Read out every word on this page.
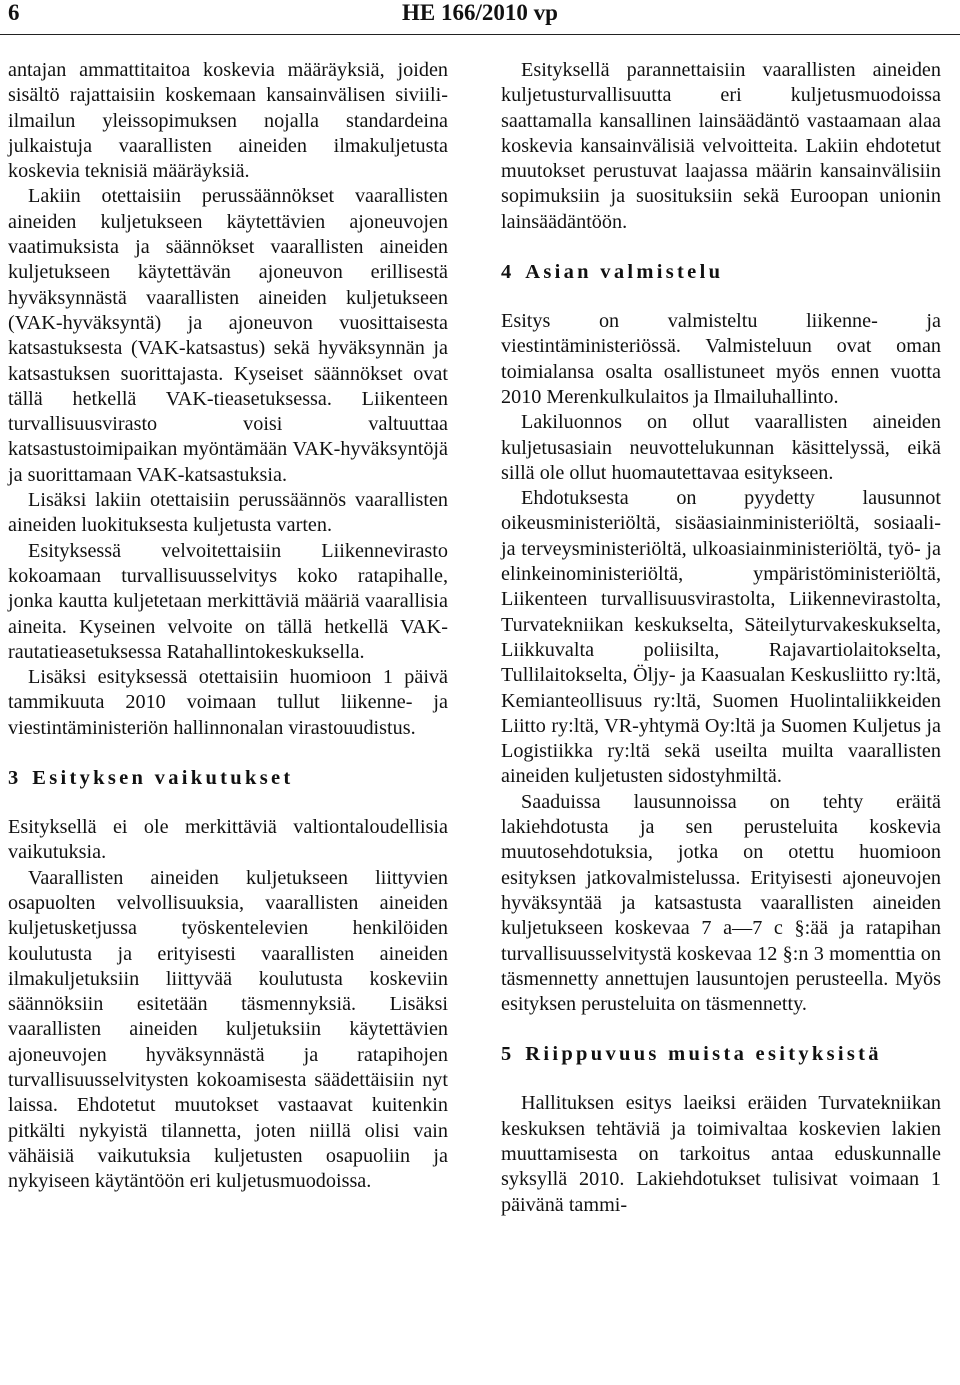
6	HE 166/2010 vp

antajan ammattitaitoa koskevia määräyksiä, joiden sisältö rajattaisiin koskemaan kansainvälisen siviili-ilmailun yleissopimuksen nojalla standardeina julkaistuja vaarallisten aineiden ilmakuljetusta koskevia teknisiä määräyksiä.

Lakiin otettaisiin perussäännökset vaarallisten aineiden kuljetukseen käytettävien ajoneuvojen vaatimuksista ja säännökset vaarallisten aineiden kuljetukseen käytettävän ajoneuvon erillisestä hyväksynnästä vaarallisten aineiden kuljetukseen (VAK-hyväksyntä) ja ajoneuvon vuosittaisesta katsastuksesta (VAK-katsastus) sekä hyväksynnän ja katsastuksen suorittajasta. Kyseiset säännökset ovat tällä hetkellä VAK-tieasetuksessa. Liikenteen turvallisuusvirasto voisi valtuuttaa katsastustoimipaikan myöntämään VAK-hyväksyntöjä ja suorittamaan VAK-katsastuksia.

Lisäksi lakiin otettaisiin perussäännös vaarallisten aineiden luokituksesta kuljetusta varten.

Esityksessä velvoitettaisiin Liikennevirasto kokoamaan turvallisuusselvitys koko ratapihalle, jonka kautta kuljetetaan merkittäviä määriä vaarallisia aineita. Kyseinen velvoite on tällä hetkellä VAK-rautatieasetuksessa Ratahallintokeskuksella.

Lisäksi esityksessä otettaisiin huomioon 1 päivä tammikuuta 2010 voimaan tullut liikenne- ja viestintäministeriön hallinnonalan virastouudistus.

3 Esityksen vaikutukset

Esityksellä ei ole merkittäviä valtiontaloudellisia vaikutuksia.

Vaarallisten aineiden kuljetukseen liittyvien osapuolten velvollisuuksia, vaarallisten aineiden kuljetusketjussa työskentelevien henkilöiden koulutusta ja erityisesti vaarallisten aineiden ilmakuljetuksiin liittyvää koulutusta koskeviin säännöksiin esitetään täsmennyksiä. Lisäksi vaarallisten aineiden kuljetuksiin käytettävien ajoneuvojen hyväksynnästä ja ratapihojen turvallisuusselvitysten kokoamisesta säädettäisiin nyt laissa. Ehdotetut muutokset vastaavat kuitenkin pitkälti nykyistä tilannetta, joten niillä olisi vain vähäisiä vaikutuksia kuljetusten osapuoliin ja nykyiseen käytäntöön eri kuljetusmuodoissa.

Esityksellä parannettaisiin vaarallisten aineiden kuljetusturvallisuutta eri kuljetusmuodoissa saattamalla kansallinen lainsäädäntö vastaamaan alaa koskevia kansainvälisiä velvoitteita. Lakiin ehdotetut muutokset perustuvat laajassa määrin kansainvälisiin sopimuksiin ja suosituksiin sekä Euroopan unionin lainsäädäntöön.

4 Asian valmistelu

Esitys on valmisteltu liikenne- ja viestintäministeriössä. Valmisteluun ovat oman toimialansa osalta osallistuneet myös ennen vuotta 2010 Merenkulkulaitos ja Ilmailuhallinto.

Lakiluonnos on ollut vaarallisten aineiden kuljetusasiain neuvottelukunnan käsittelyssä, eikä sillä ole ollut huomautettavaa esitykseen.

Ehdotuksesta on pyydetty lausunnot oikeusministeriöltä, sisäasiainministeriöltä, sosiaali- ja terveysministeriöltä, ulkoasiainministeriöltä, työ- ja elinkeinoministeriöltä, ympäristöministeriöltä, Liikenteen turvallisuusvirastolta, Liikennevirastolta, Turvatekniikan keskukselta, Säteilyturvakeskukselta, Liikkuvalta poliisilta, Rajavartiolaitokselta, Tullilaitokselta, Öljy- ja Kaasualan Keskusliitto ry:ltä, Kemianteollisuus ry:ltä, Suomen Huolintaliikkeiden Liitto ry:ltä, VR-yhtymä Oy:ltä ja Suomen Kuljetus ja Logistiikka ry:ltä sekä useilta muilta vaarallisten aineiden kuljetusten sidostyhmiltä.

Saaduissa lausunnoissa on tehty eräitä lakiehdotusta ja sen perusteluita koskevia muutosehdotuksia, jotka on otettu huomioon esityksen jatkovalmistelussa. Erityisesti ajoneuvojen hyväksyntää ja katsastusta vaarallisten aineiden kuljetukseen koskevaa 7 a—7 c §:ää ja ratapihan turvallisuusselvitystä koskevaa 12 §:n 3 momenttia on täsmennetty annettujen lausuntojen perusteella. Myös esityksen perusteluita on täsmennetty.

5 Riippuvuus muista esityksistä

Hallituksen esitys laeiksi eräiden Turvatekniikan keskuksen tehtäviä ja toimivaltaa koskevien lakien muuttamisesta on tarkoitus antaa eduskunnalle syksyllä 2010. Lakiehdotukset tulisivat voimaan 1 päivänä tammi-
